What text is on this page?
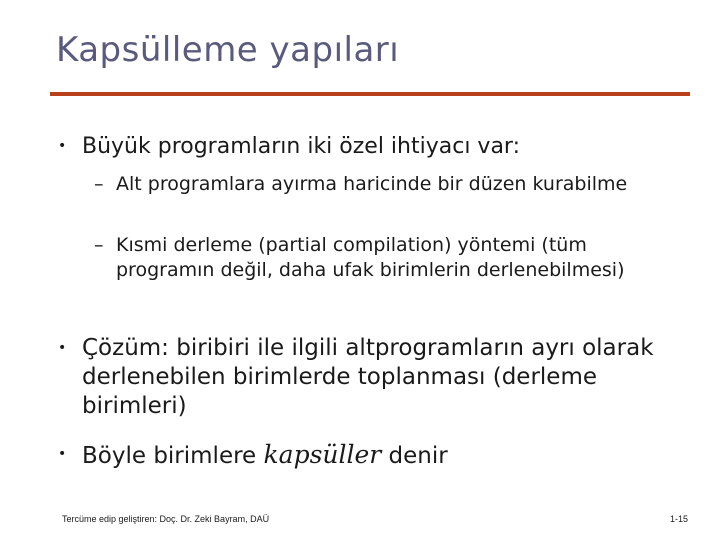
Kapsülleme yapıları
• Büyük programların iki özel ihtiyacı var:
– Alt programlara ayırma haricinde bir düzen kurabilme
– Kısmi derleme (partial compilation) yöntemi (tüm programın değil, daha ufak birimlerin derlenebilmesi)
• Çözüm: biribiri ile ilgili altprogramların ayrı olarak derlenebilen birimlerde toplanması (derleme birimleri)
• Böyle birimlere kapsüller denir
Tercüme edip geliştiren: Doç. Dr. Zeki Bayram, DAÜ	1-15
